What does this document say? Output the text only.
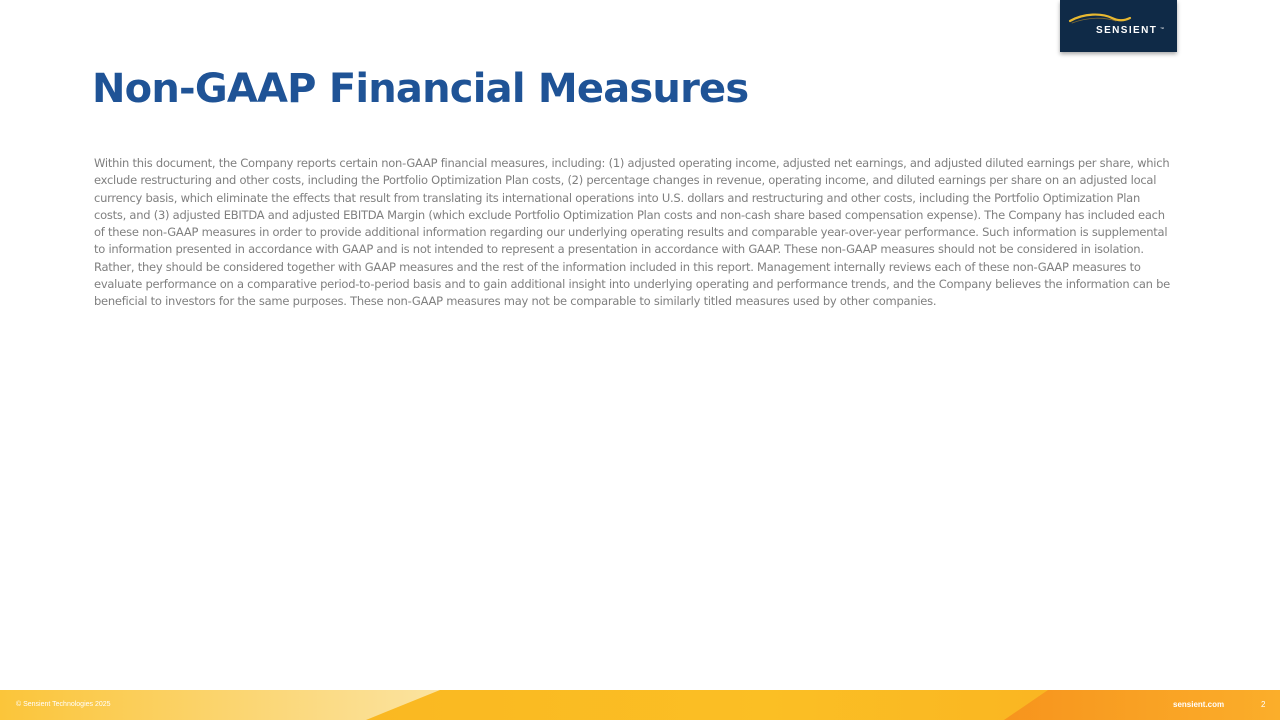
SENSIENT ™
Non-GAAP Financial Measures

Within this document, the Company reports certain non-GAAP financial measures, including: (1) adjusted operating income, adjusted net earnings, and adjusted diluted earnings per share, which exclude restructuring and other costs, including the Portfolio Optimization Plan costs, (2) percentage changes in revenue, operating income, and diluted earnings per share on an adjusted local currency basis, which eliminate the effects that result from translating its international operations into U.S. dollars and restructuring and other costs, including the Portfolio Optimization Plan costs, and (3) adjusted EBITDA and adjusted EBITDA Margin (which exclude Portfolio Optimization Plan costs and non-cash share based compensation expense). The Company has included each of these non-GAAP measures in order to provide additional information regarding our underlying operating results and comparable year-over-year performance. Such information is supplemental to information presented in accordance with GAAP and is not intended to represent a presentation in accordance with GAAP. These non-GAAP measures should not be considered in isolation. Rather, they should be considered together with GAAP measures and the rest of the information included in this report. Management internally reviews each of these non-GAAP measures to evaluate performance on a comparative period-to-period basis and to gain additional insight into underlying operating and performance trends, and the Company believes the information can be beneficial to investors for the same purposes. These non-GAAP measures may not be comparable to similarly titled measures used by other companies.

© Sensient Technologies 2025	sensient.com	2
